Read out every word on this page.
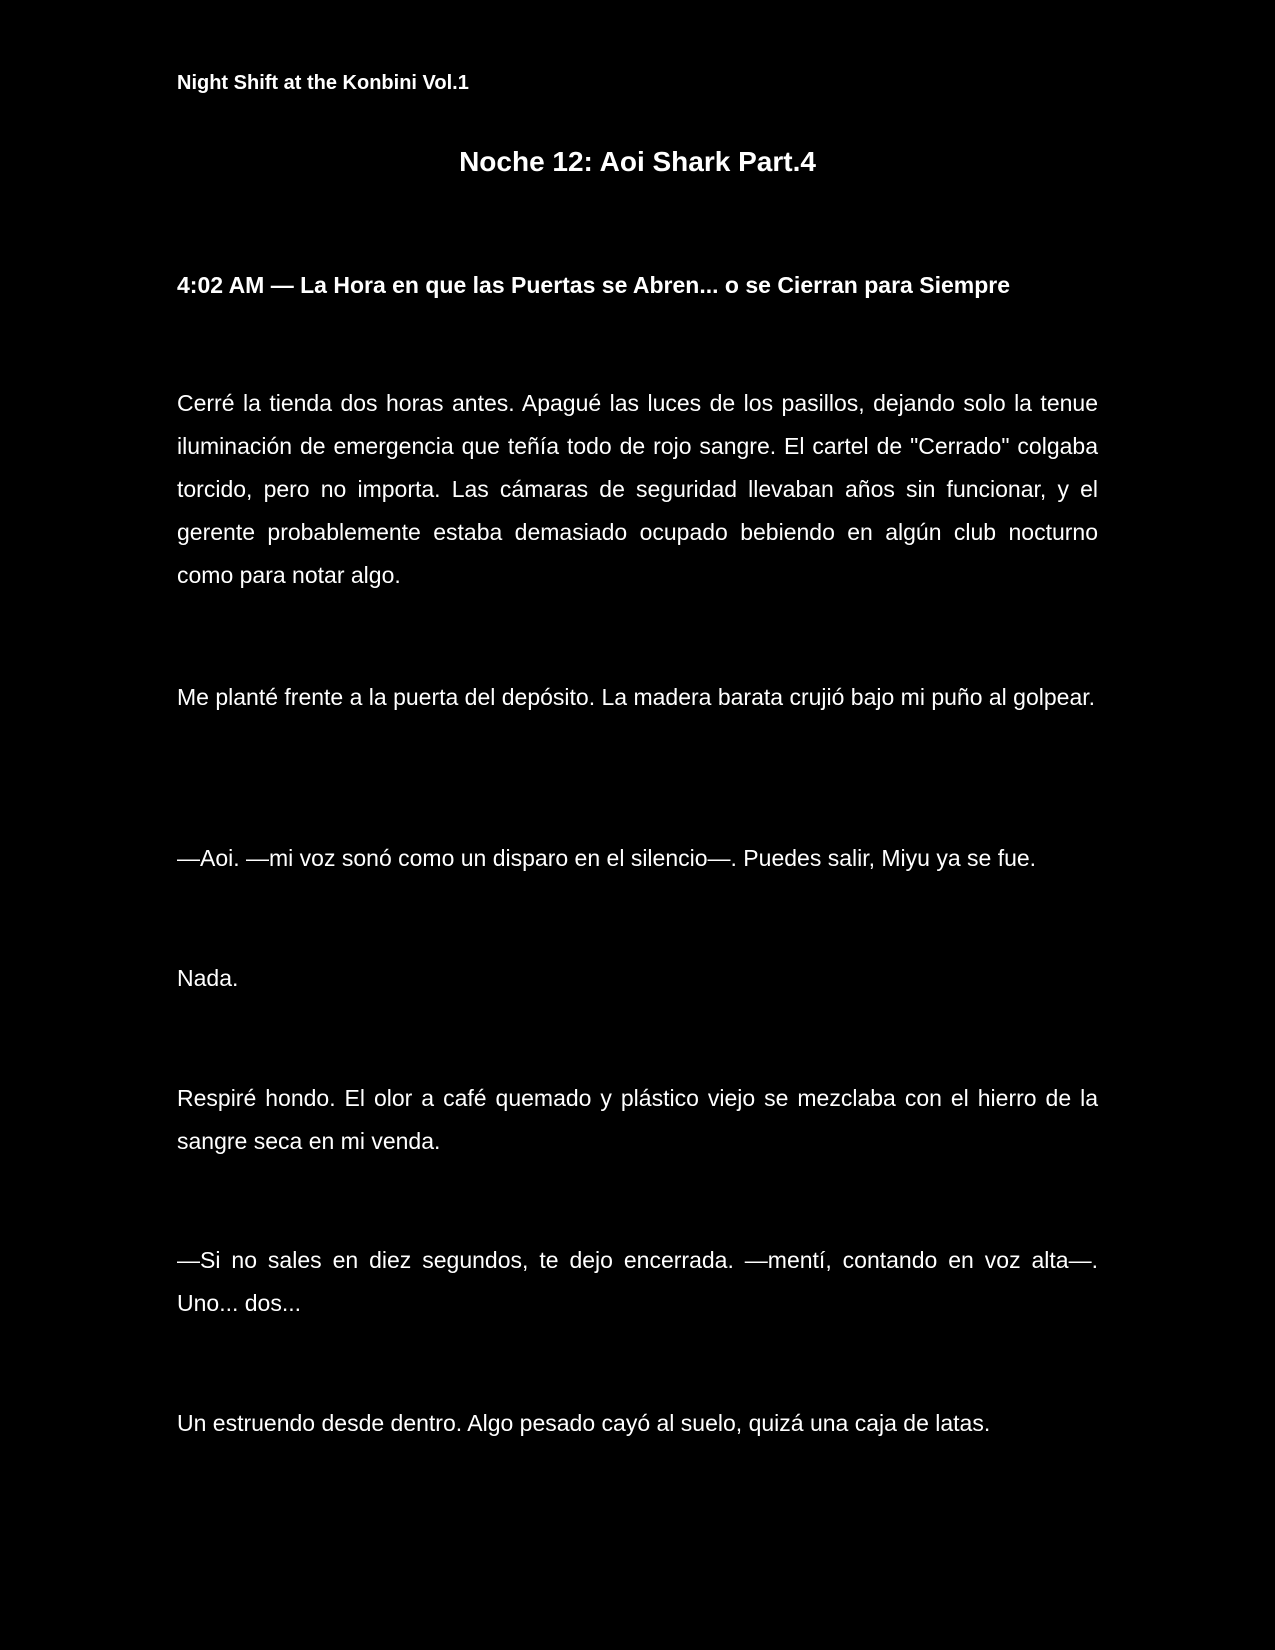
Night Shift at the Konbini Vol.1
Noche 12: Aoi Shark Part.4
4:02 AM — La Hora en que las Puertas se Abren... o se Cierran para Siempre

Cerré la tienda dos horas antes. Apagué las luces de los pasillos, dejando solo la tenue iluminación de emergencia que teñía todo de rojo sangre. El cartel de "Cerrado" colgaba torcido, pero no importa. Las cámaras de seguridad llevaban años sin funcionar, y el gerente probablemente estaba demasiado ocupado bebiendo en algún club nocturno como para notar algo.

Me planté frente a la puerta del depósito. La madera barata crujió bajo mi puño al golpear.

—Aoi. —mi voz sonó como un disparo en el silencio—. Puedes salir, Miyu ya se fue.

Nada.

Respiré hondo. El olor a café quemado y plástico viejo se mezclaba con el hierro de la sangre seca en mi venda.

—Si no sales en diez segundos, te dejo encerrada. —mentí, contando en voz alta—. Uno... dos...

Un estruendo desde dentro. Algo pesado cayó al suelo, quizá una caja de latas.
